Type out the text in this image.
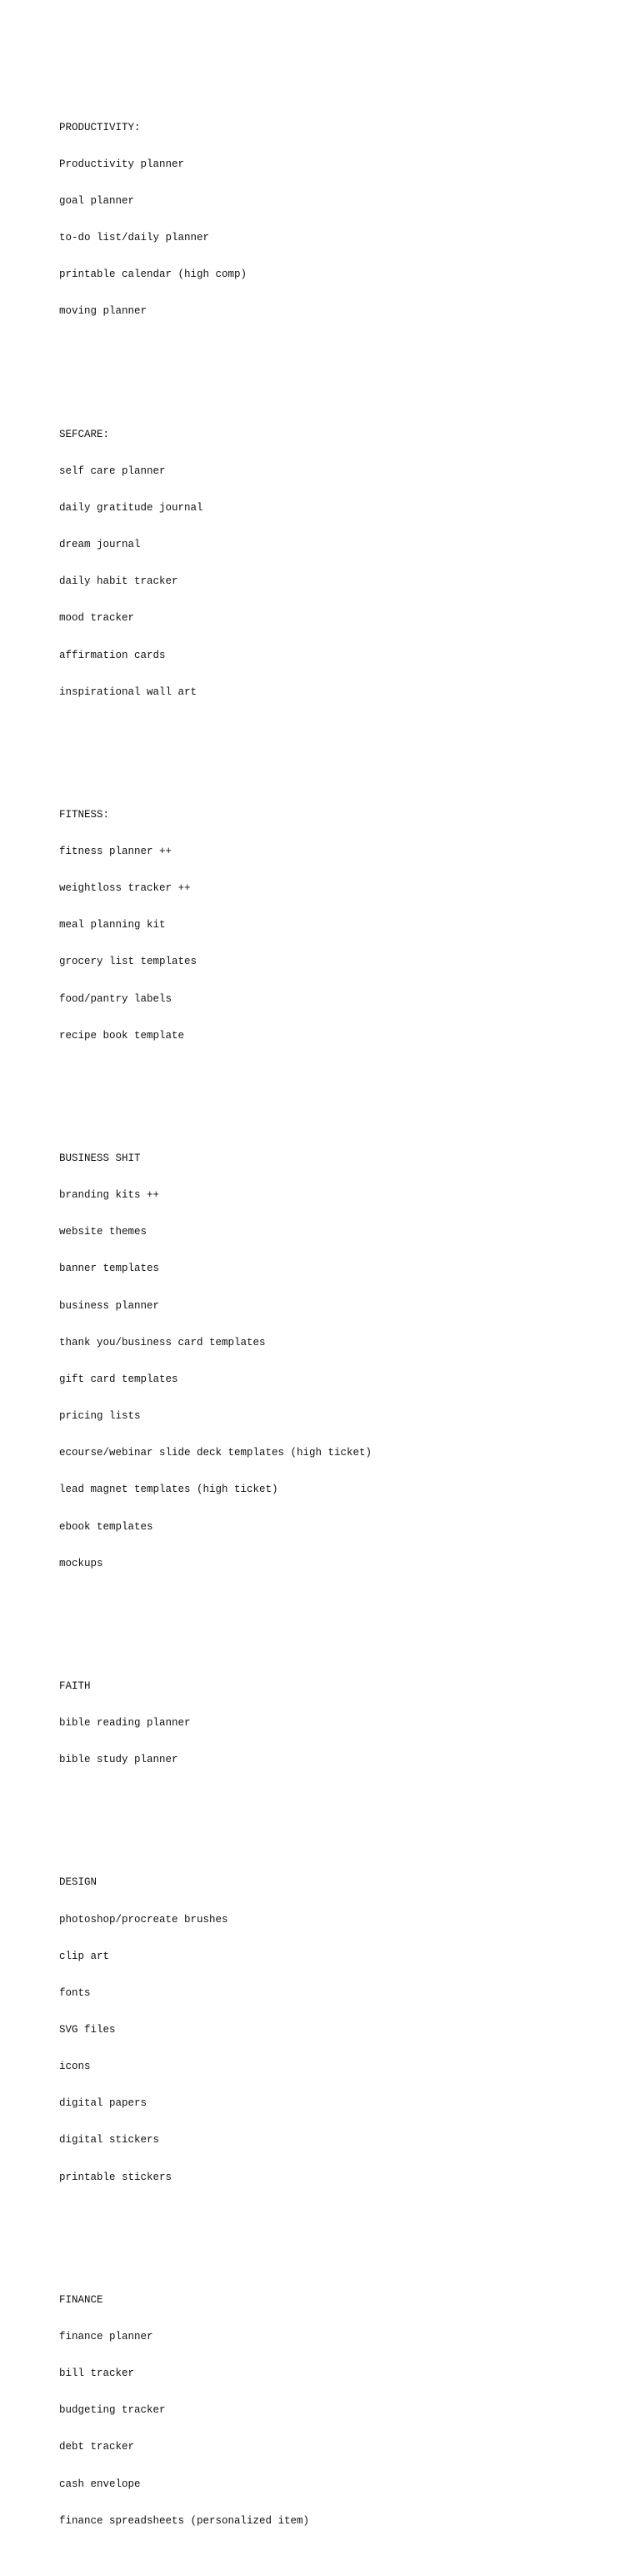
PRODUCTIVITY:

Productivity planner

goal planner

to-do list/daily planner

printable calendar (high comp)

moving planner

SEFCARE:

self care planner

daily gratitude journal

dream journal

daily habit tracker

mood tracker

affirmation cards

inspirational wall art

FITNESS:

fitness planner ++

weightloss tracker ++

meal planning kit

grocery list templates

food/pantry labels

recipe book template

BUSINESS SHIT

branding kits ++

website themes

banner templates

business planner

thank you/business card templates

gift card templates

pricing lists

ecourse/webinar slide deck templates (high ticket)

lead magnet templates (high ticket)

ebook templates

mockups

FAITH

bible reading planner

bible study planner

DESIGN

photoshop/procreate brushes

clip art

fonts

SVG files

icons

digital papers

digital stickers

printable stickers

FINANCE

finance planner

bill tracker

budgeting tracker

debt tracker

cash envelope

finance spreadsheets (personalized item)
